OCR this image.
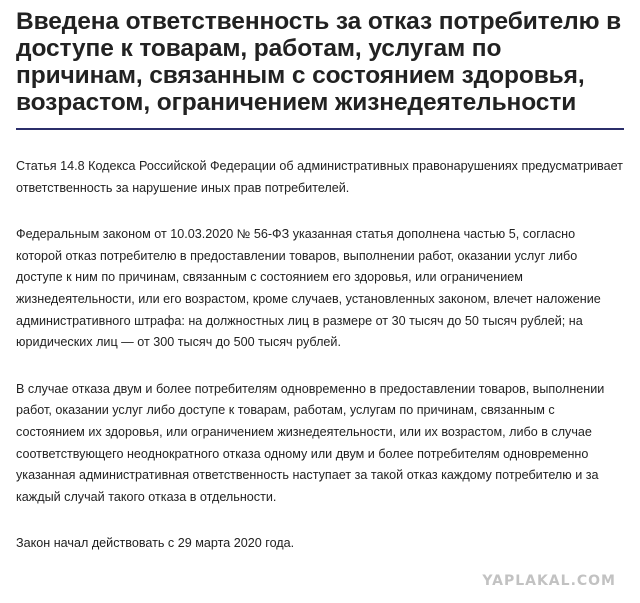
Введена ответственность за отказ потребителю в доступе к товарам, работам, услугам по причинам, связанным с состоянием здоровья, возрастом, ограничением жизнедеятельности

Статья 14.8 Кодекса Российской Федерации об административных правонарушениях предусматривает ответственность за нарушение иных прав потребителей.

Федеральным законом от 10.03.2020 № 56-ФЗ указанная статья дополнена частью 5, согласно которой отказ потребителю в предоставлении товаров, выполнении работ, оказании услуг либо доступе к ним по причинам, связанным с состоянием его здоровья, или ограничением жизнедеятельности, или его возрастом, кроме случаев, установленных законом, влечет наложение административного штрафа: на должностных лиц в размере от 30 тысяч до 50 тысяч рублей; на юридических лиц — от 300 тысяч до 500 тысяч рублей.

В случае отказа двум и более потребителям одновременно в предоставлении товаров, выполнении работ, оказании услуг либо доступе к товарам, работам, услугам по причинам, связанным с состоянием их здоровья, или ограничением жизнедеятельности, или их возрастом, либо в случае соответствующего неоднократного отказа одному или двум и более потребителям одновременно указанная административная ответственность наступает за такой отказ каждому потребителю и за каждый случай такого отказа в отдельности.

Закон начал действовать с 29 марта 2020 года.

YAPLAKAL.COM
